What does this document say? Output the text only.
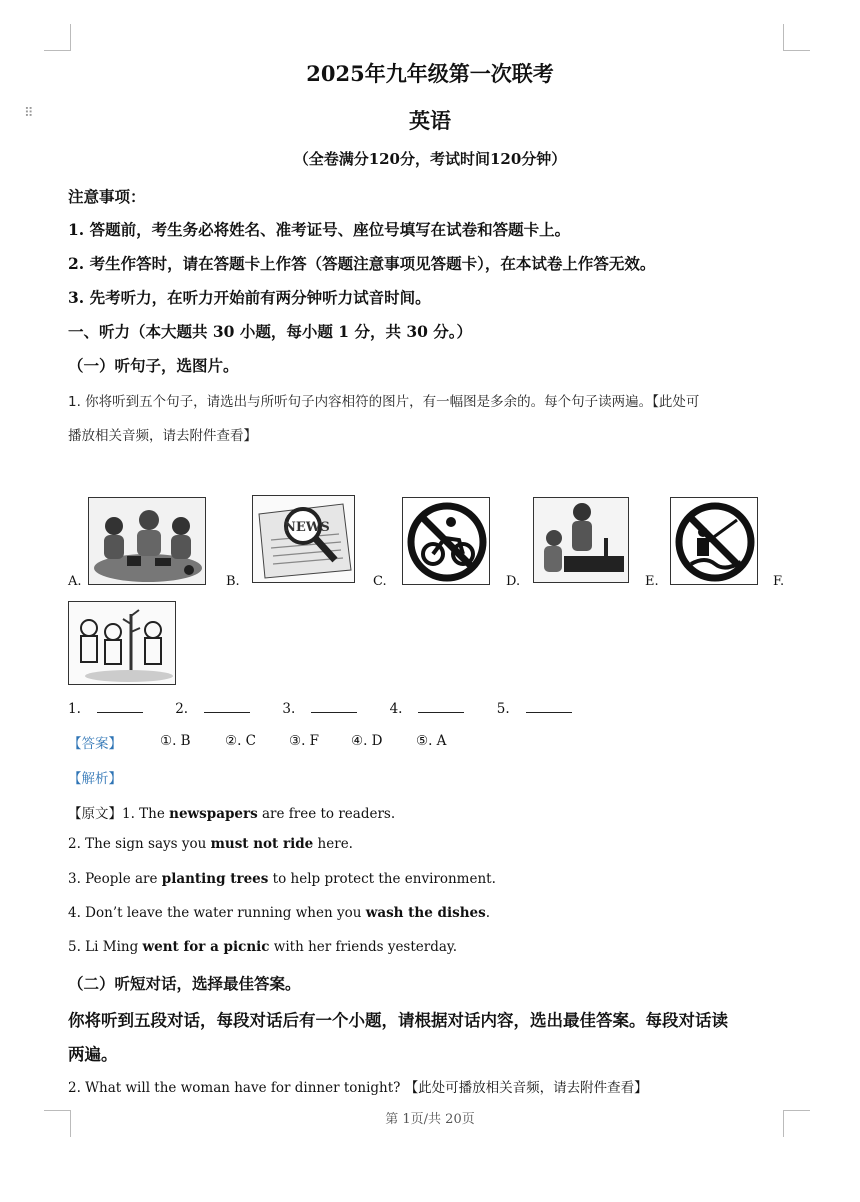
⠿
2025年九年级第一次联考
英语
（全卷满分120分，考试时间120分钟）
注意事项：
1. 答题前，考生务必将姓名、准考证号、座位号填写在试卷和答题卡上。
2. 考生作答时，请在答题卡上作答（答题注意事项见答题卡），在本试卷上作答无效。
3. 先考听力，在听力开始前有两分钟听力试音时间。
一、听力（本大题共 30 小题，每小题 1 分，共 30 分。）
（一）听句子，选图片。
1. 你将听到五个句子，请选出与所听句子内容相符的图片，有一幅图是多余的。每个句子读两遍。【此处可
播放相关音频，请去附件查看】
A.
NEWS
B.	C.	D.	E.	F.
1.	2.	3.	4.	5.
【答案】	①. B	②. C ③. F ④. D ⑤. A
【解析】
【原文】1. The newspapers are free to readers.
2. The sign says you must not ride here.
3. People are planting trees to help protect the environment.
4. Don’t leave the water running when you wash the dishes.
5. Li Ming went for a picnic with her friends yesterday.
（二）听短对话，选择最佳答案。
你将听到五段对话，每段对话后有一个小题，请根据对话内容，选出最佳答案。每段对话读
两遍。
2. What will the woman have for dinner tonight? 【此处可播放相关音频，请去附件查看】
第 1页/共 20页
